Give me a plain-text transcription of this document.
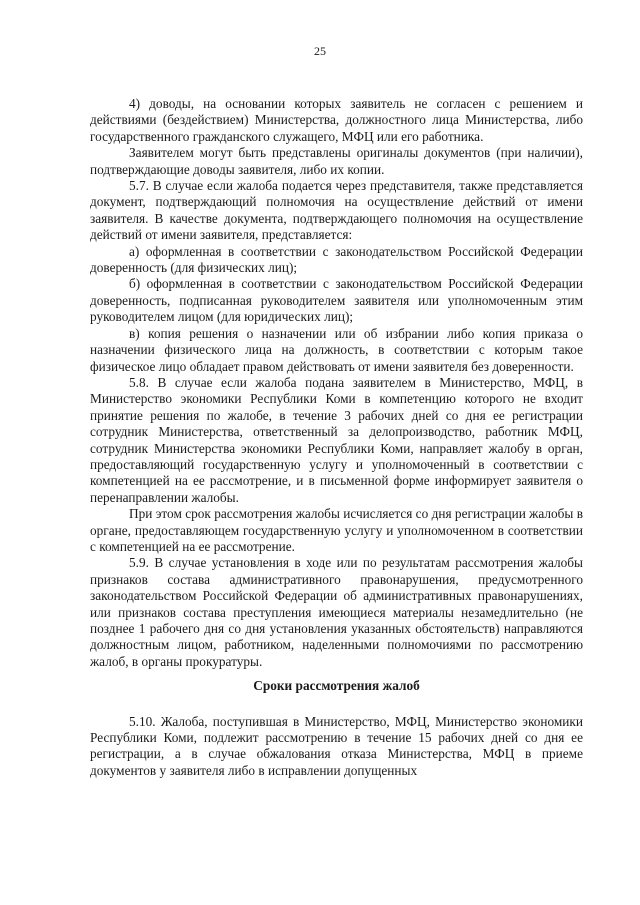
25

4) доводы, на основании которых заявитель не согласен с решением и действиями (бездействием) Министерства, должностного лица Министерства, либо государственного гражданского служащего, МФЦ или его работника.

Заявителем могут быть представлены оригиналы документов (при наличии), подтверждающие доводы заявителя, либо их копии.

5.7. В случае если жалоба подается через представителя, также представляется документ, подтверждающий полномочия на осуществление действий от имени заявителя. В качестве документа, подтверждающего полномочия на осуществление действий от имени заявителя, представляется:

а) оформленная в соответствии с законодательством Российской Федерации доверенность (для физических лиц);

б) оформленная в соответствии с законодательством Российской Федерации доверенность, подписанная руководителем заявителя или уполномоченным этим руководителем лицом (для юридических лиц);

в) копия решения о назначении или об избрании либо копия приказа о назначении физического лица на должность, в соответствии с которым такое физическое лицо обладает правом действовать от имени заявителя без доверенности.

5.8. В случае если жалоба подана заявителем в Министерство, МФЦ, в Министерство экономики Республики Коми в компетенцию которого не входит принятие решения по жалобе, в течение 3 рабочих дней со дня ее регистрации сотрудник Министерства, ответственный за делопроизводство, работник МФЦ, сотрудник Министерства экономики Республики Коми, направляет жалобу в орган, предоставляющий государственную услугу и уполномоченный в соответствии с компетенцией на ее рассмотрение, и в письменной форме информирует заявителя о перенаправлении жалобы.

При этом срок рассмотрения жалобы исчисляется со дня регистрации жалобы в органе, предоставляющем государственную услугу и уполномоченном в соответствии с компетенцией на ее рассмотрение.

5.9. В случае установления в ходе или по результатам рассмотрения жалобы признаков состава административного правонарушения, предусмотренного законодательством Российской Федерации об административных правонарушениях, или признаков состава преступления имеющиеся материалы незамедлительно (не позднее 1 рабочего дня со дня установления указанных обстоятельств) направляются должностным лицом, работником, наделенными полномочиями по рассмотрению жалоб, в органы прокуратуры.

Сроки рассмотрения жалоб

5.10. Жалоба, поступившая в Министерство, МФЦ, Министерство экономики Республики Коми, подлежит рассмотрению в течение 15 рабочих дней со дня ее регистрации, а в случае обжалования отказа Министерства, МФЦ в приеме документов у заявителя либо в исправлении допущенных
